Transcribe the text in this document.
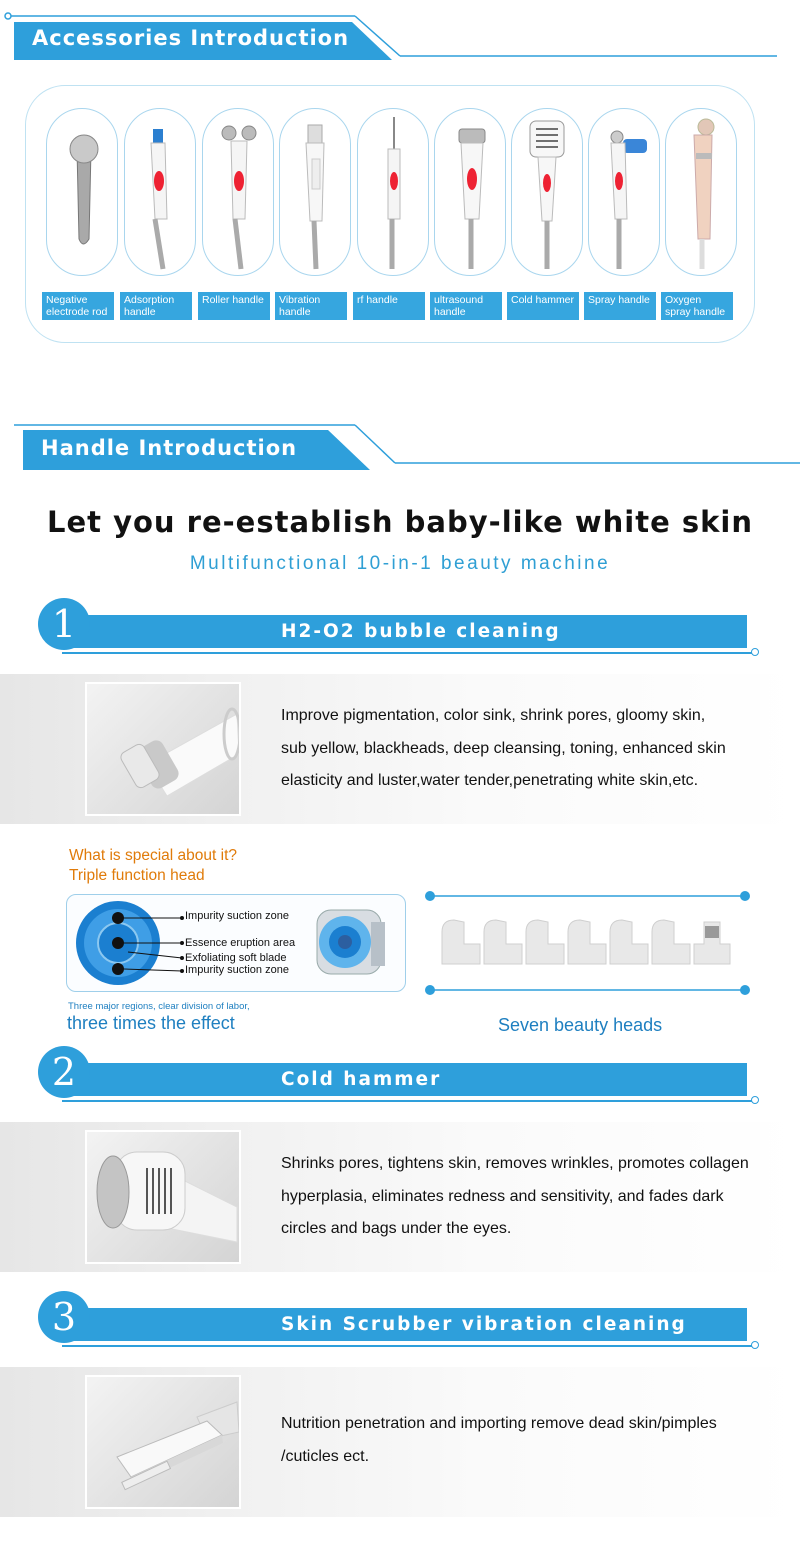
Accessories Introduction
Negative electrode rod
Adsorption handle
Roller handle	Vibration handle
rf handle	ultrasound handle
Cold hammer	Spray handle	Oxygen spray handle
Handle Introduction
Let you re-establish baby-like white skin
Multifunctional 10-in-1 beauty machine
H2-O2 bubble cleaning
1
Improve pigmentation, color sink, shrink pores, gloomy skin,
sub yellow, blackheads, deep cleansing, toning, enhanced skin
elasticity and luster,water tender,penetrating white skin,etc.
What is special about it?
Triple function head
Impurity suction zone
Essence eruption area
Exfoliating soft blade
Impurity suction zone
Three major regions, clear division of labor,
three times the effect	Seven beauty heads
Cold hammer
2
Shrinks pores, tightens skin, removes wrinkles, promotes collagen
hyperplasia, eliminates redness and sensitivity, and fades dark
circles and bags under the eyes.
Skin Scrubber vibration cleaning
3
Nutrition penetration and importing remove dead skin/pimples
/cuticles ect.
